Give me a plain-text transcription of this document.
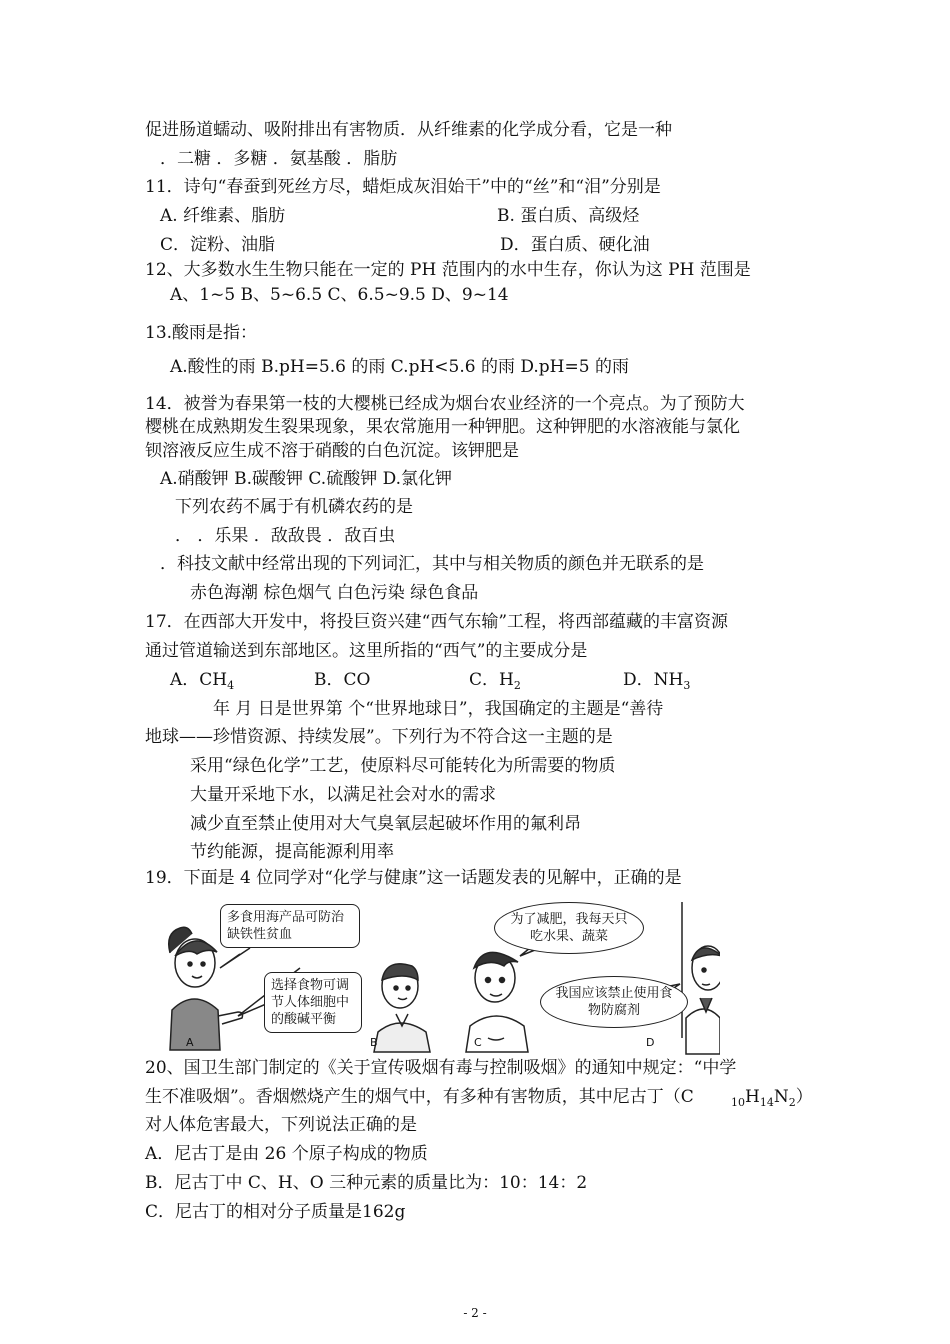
促进肠道蠕动、吸附排出有害物质．从纤维素的化学成分看，它是一种
．二糖 ．多糖 ．氨基酸 ．脂肪
11．诗句“春蚕到死丝方尽，蜡炬成灰泪始干”中的“丝”和“泪”分别是
A. 纤维素、脂肪	B. 蛋白质、高级烃
C．淀粉、油脂	D．蛋白质、硬化油
12、大多数水生生物只能在一定的 PH 范围内的水中生存，你认为这 PH 范围是
A、1~5 B、5~6.5 C、6.5~9.5 D、9~14
13.酸雨是指：
A.酸性的雨 B.pH=5.6 的雨 C.pH<5.6 的雨 D.pH=5 的雨
14．被誉为春果第一枝的大樱桃已经成为烟台农业经济的一个亮点。为了预防大
樱桃在成熟期发生裂果现象，果农常施用一种钾肥。这种钾肥的水溶液能与氯化
钡溶液反应生成不溶于硝酸的白色沉淀。该钾肥是
A.硝酸钾 B.碳酸钾 C.硫酸钾 D.氯化钾
下列农药不属于有机磷农药的是
． ．乐果 ．敌敌畏 ．敌百虫
．科技文献中经常出现的下列词汇，其中与相关物质的颜色并无联系的是
赤色海潮 棕色烟气 白色污染 绿色食品
17．在西部大开发中，将投巨资兴建“西气东输”工程，将西部蕴藏的丰富资源
通过管道输送到东部地区。这里所指的“西气”的主要成分是
年 月 日是世界第 个“世界地球日”，我国确定的主题是“善待
地球——珍惜资源、持续发展”。下列行为不符合这一主题的是
采用“绿色化学”工艺，使原料尽可能转化为所需要的物质
大量开采地下水，以满足社会对水的需求
减少直至禁止使用对大气臭氧层起破坏作用的氟利昂
节约能源，提高能源利用率
19．下面是 4 位同学对“化学与健康”这一话题发表的见解中，正确的是
20、国卫生部门制定的《关于宣传吸烟有毒与控制吸烟》的通知中规定：“中学
生不准吸烟”。香烟燃烧产生的烟气中，有多种有害物质，其中尼古丁（C
对人体危害最大，下列说法正确的是
A．尼古丁是由 26 个原子构成的物质
B．尼古丁中 C、H、O 三种元素的质量比为：10：14：2
C．尼古丁的相对分子质量是162g
A．$CH_4$	B．CO	C．$H_2$	D．$NH_3$
$_{10}H_{14}N_2$）
多食用海产品可防治缺铁性贫血
选择食物可调节人体细胞中的酸碱平衡
为了减肥，我每天只吃水果、蔬菜
我国应该禁止使用食物防腐剂
A	B	C	D
- 2 -
